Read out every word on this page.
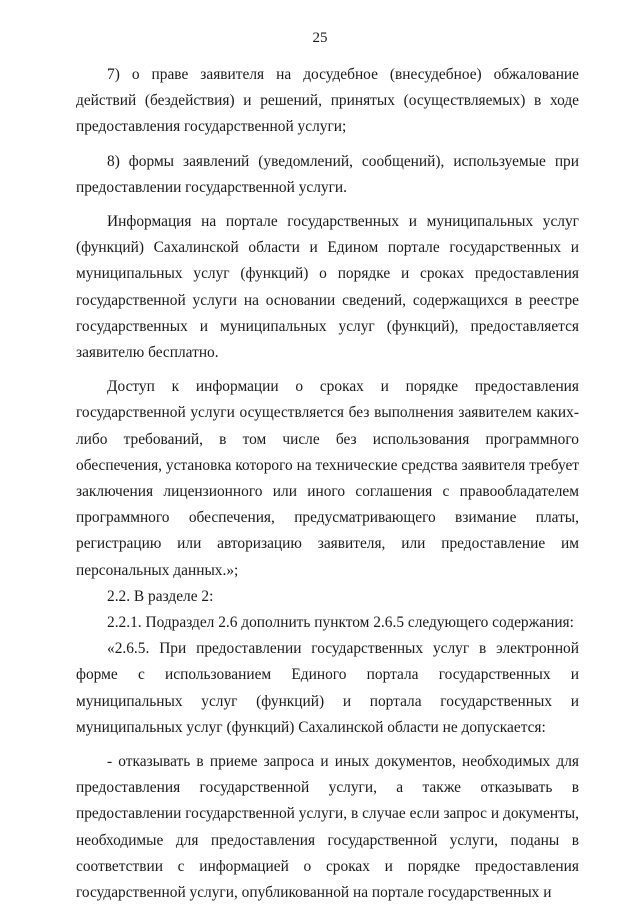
25

7) о праве заявителя на досудебное (внесудебное) обжалование действий (бездействия) и решений, принятых (осуществляемых) в ходе предоставления государственной услуги;

8) формы заявлений (уведомлений, сообщений), используемые при предоставлении государственной услуги.

Информация на портале государственных и муниципальных услуг (функций) Сахалинской области и Едином портале государственных и муниципальных услуг (функций) о порядке и сроках предоставления государственной услуги на основании сведений, содержащихся в реестре государственных и муниципальных услуг (функций), предоставляется заявителю бесплатно.

Доступ к информации о сроках и порядке предоставления государственной услуги осуществляется без выполнения заявителем каких-либо требований, в том числе без использования программного обеспечения, установка которого на технические средства заявителя требует заключения лицензионного или иного соглашения с правообладателем программного обеспечения, предусматривающего взимание платы, регистрацию или авторизацию заявителя, или предоставление им персональных данных.»;

2.2. В разделе 2:

2.2.1. Подраздел 2.6 дополнить пунктом 2.6.5 следующего содержания:

«2.6.5. При предоставлении государственных услуг в электронной форме с использованием Единого портала государственных и муниципальных услуг (функций) и портала государственных и муниципальных услуг (функций) Сахалинской области не допускается:

- отказывать в приеме запроса и иных документов, необходимых для предоставления государственной услуги, а также отказывать в предоставлении государственной услуги, в случае если запрос и документы, необходимые для предоставления государственной услуги, поданы в соответствии с информацией о сроках и порядке предоставления государственной услуги, опубликованной на портале государственных и
